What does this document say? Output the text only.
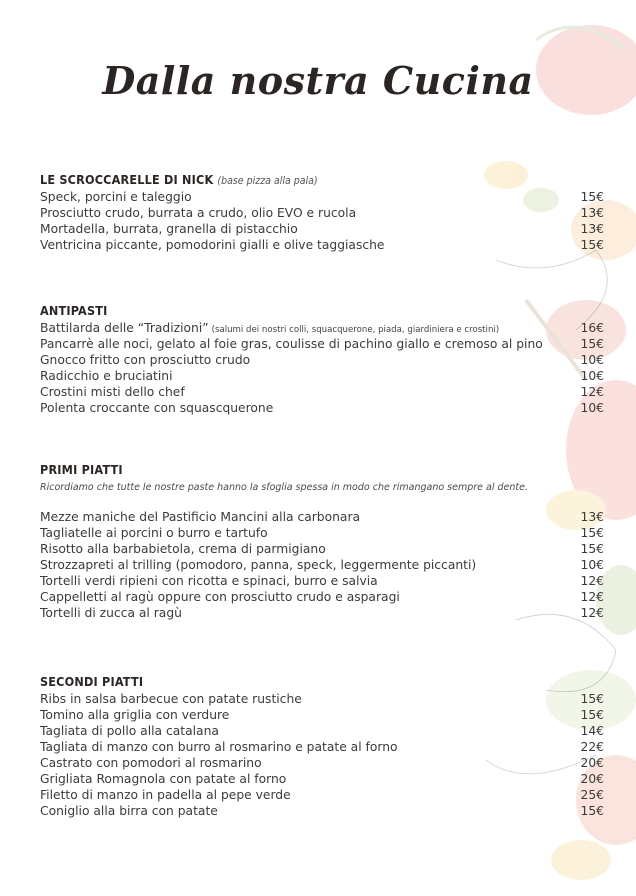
Dalla nostra Cucina
LE SCROCCARELLE DI NICK (base pizza alla pala)
Speck, porcini e taleggio	15€
Prosciutto crudo, burrata a crudo, olio EVO e rucola	13€
Mortadella, burrata, granella di pistacchio	13€
Ventricina piccante, pomodorini gialli e olive taggiasche	15€
ANTIPASTI
Battilarda delle “Tradizioni” (salumi dei nostri colli, squacquerone, piada, giardiniera e crostini)	16€
Pancarrè alle noci, gelato al foie gras, coulisse di pachino giallo e cremoso al pino	15€
Gnocco fritto con prosciutto crudo	10€
Radicchio e bruciatini	10€
Crostini misti dello chef	12€
Polenta croccante con squascquerone	10€
PRIMI PIATTI
Ricordiamo che tutte le nostre paste hanno la sfoglia spessa in modo che rimangano sempre al dente.
Mezze maniche del Pastificio Mancini alla carbonara	13€
Tagliatelle ai porcini o burro e tartufo	15€
Risotto alla barbabietola, crema di parmigiano	15€
Strozzapreti al trilling (pomodoro, panna, speck, leggermente piccanti)	10€
Tortelli verdi ripieni con ricotta e spinaci, burro e salvia	12€
Cappelletti al ragù oppure con prosciutto crudo e asparagi	12€
Tortelli di zucca al ragù	12€
SECONDI PIATTI
Ribs in salsa barbecue con patate rustiche	15€
Tomino alla griglia con verdure	15€
Tagliata di pollo alla catalana	14€
Tagliata di manzo con burro al rosmarino e patate al forno	22€
Castrato con pomodori al rosmarino	20€
Grigliata Romagnola con patate al forno	20€
Filetto di manzo in padella al pepe verde	25€
Coniglio alla birra con patate	15€
